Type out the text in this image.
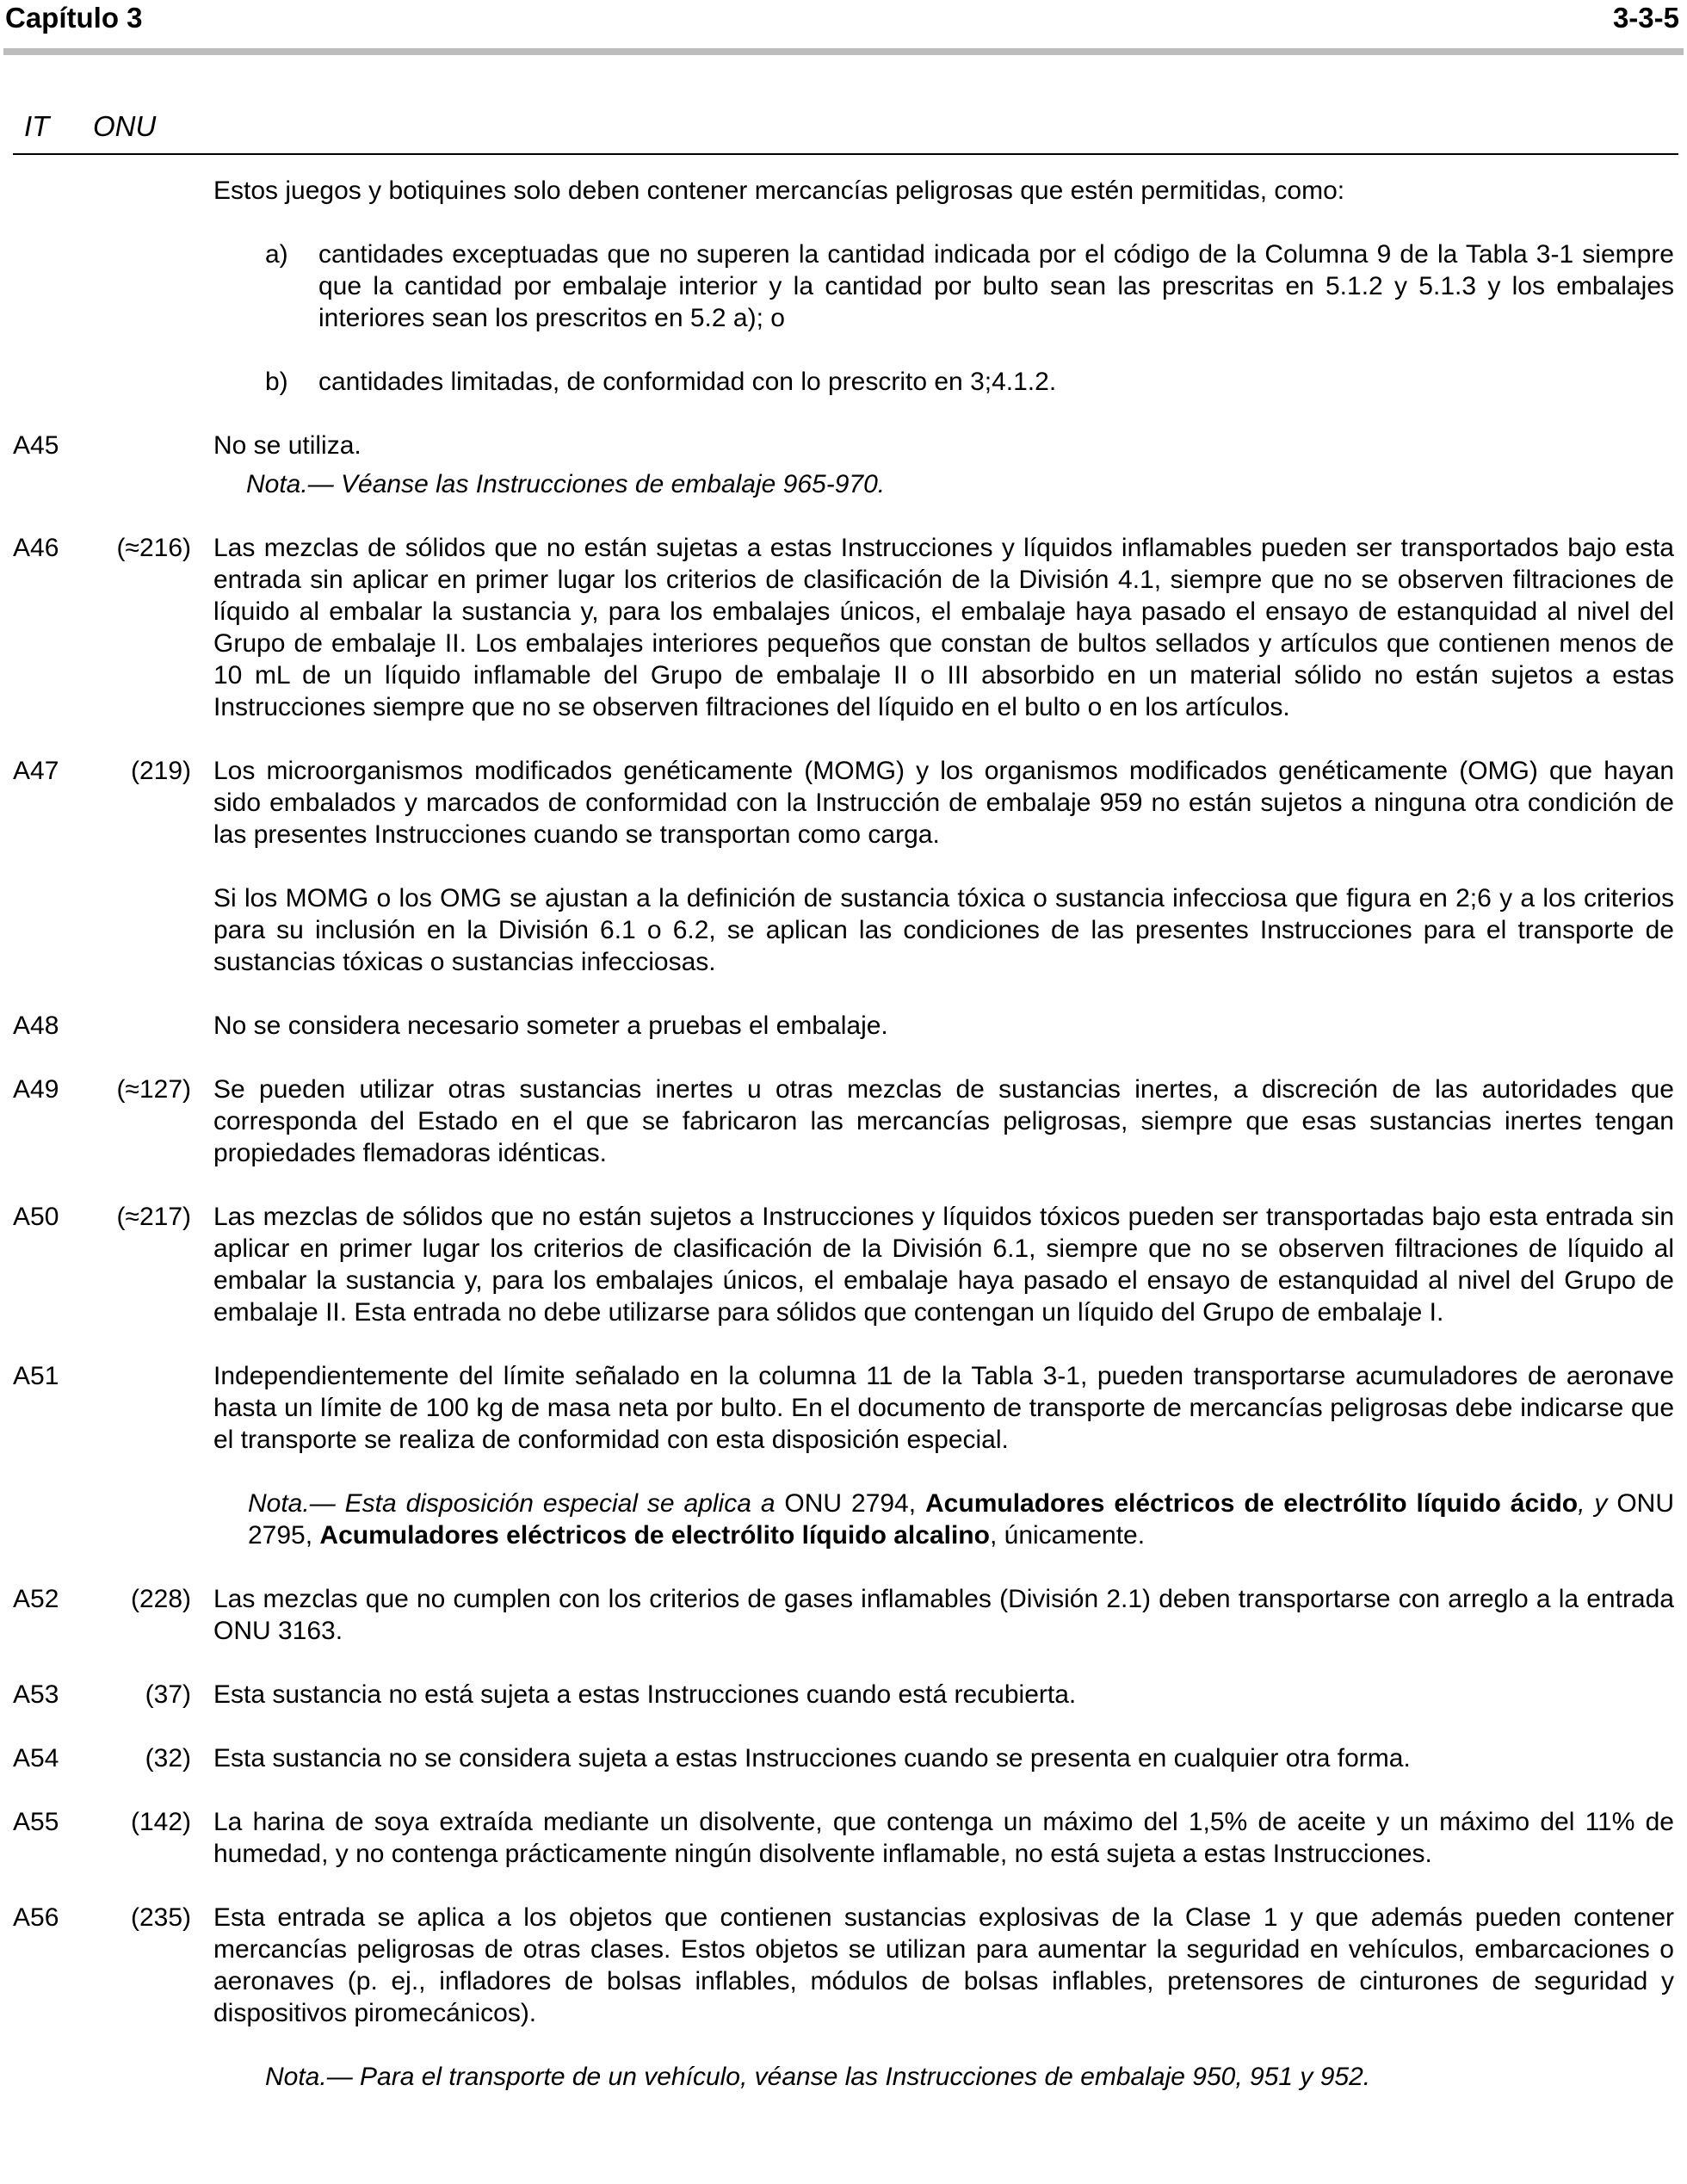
Capítulo 3	3-3-5
IT ONU

Estos juegos y botiquines solo deben contener mercancías peligrosas que estén permitidas, como:

a)	cantidades exceptuadas que no superen la cantidad indicada por el código de la Columna 9 de la Tabla 3-1 siempre que la cantidad por embalaje interior y la cantidad por bulto sean las prescritas en 5.1.2 y 5.1.3 y los embalajes interiores sean los prescritos en 5.2 a); o
b)	cantidades limitadas, de conformidad con lo prescrito en 3;4.1.2.
A45	No se utiliza.

Nota.— Véanse las Instrucciones de embalaje 965-970.
A46	(≈216) Las mezclas de sólidos que no están sujetas a estas Instrucciones y líquidos inflamables pueden ser transportados bajo esta entrada sin aplicar en primer lugar los criterios de clasificación de la División 4.1, siempre que no se observen filtraciones de líquido al embalar la sustancia y, para los embalajes únicos, el embalaje haya pasado el ensayo de estanquidad al nivel del Grupo de embalaje II. Los embalajes interiores pequeños que constan de bultos sellados y artículos que contienen menos de 10 mL de un líquido inflamable del Grupo de embalaje II o III absorbido en un material sólido no están sujetos a estas Instrucciones siempre que no se observen filtraciones del líquido en el bulto o en los artículos.

A47	(219) Los microorganismos modificados genéticamente (MOMG) y los organismos modificados genéticamente (OMG) que hayan sido embalados y marcados de conformidad con la Instrucción de embalaje 959 no están sujetos a ninguna otra condición de las presentes Instrucciones cuando se transportan como carga.

Si los MOMG o los OMG se ajustan a la definición de sustancia tóxica o sustancia infecciosa que figura en 2;6 y a los criterios para su inclusión en la División 6.1 o 6.2, se aplican las condiciones de las presentes Instrucciones para el transporte de sustancias tóxicas o sustancias infecciosas.

A48	No se considera necesario someter a pruebas el embalaje.

A49	(≈127) Se pueden utilizar otras sustancias inertes u otras mezclas de sustancias inertes, a discreción de las autoridades que corresponda del Estado en el que se fabricaron las mercancías peligrosas, siempre que esas sustancias inertes tengan propiedades flemadoras idénticas.

A50	(≈217) Las mezclas de sólidos que no están sujetos a Instrucciones y líquidos tóxicos pueden ser transportadas bajo esta entrada sin aplicar en primer lugar los criterios de clasificación de la División 6.1, siempre que no se observen filtraciones de líquido al embalar la sustancia y, para los embalajes únicos, el embalaje haya pasado el ensayo de estanquidad al nivel del Grupo de embalaje II. Esta entrada no debe utilizarse para sólidos que contengan un líquido del Grupo de embalaje I.

A51	Independientemente del límite señalado en la columna 11 de la Tabla 3-1, pueden transportarse acumuladores de aeronave hasta un límite de 100 kg de masa neta por bulto. En el documento de transporte de mercancías peligrosas debe indicarse que el transporte se realiza de conformidad con esta disposición especial.

Nota.— Esta disposición especial se aplica a ONU 2794, Acumuladores eléctricos de electrólito líquido ácido, y ONU 2795, Acumuladores eléctricos de electrólito líquido alcalino, únicamente.

A52	(228) Las mezclas que no cumplen con los criterios de gases inflamables (División 2.1) deben transportarse con arreglo a la entrada ONU 3163.

A53	(37) Esta sustancia no está sujeta a estas Instrucciones cuando está recubierta.

A54	(32) Esta sustancia no se considera sujeta a estas Instrucciones cuando se presenta en cualquier otra forma.

A55	(142) La harina de soya extraída mediante un disolvente, que contenga un máximo del 1,5% de aceite y un máximo del 11% de humedad, y no contenga prácticamente ningún disolvente inflamable, no está sujeta a estas Instrucciones.

A56	(235) Esta entrada se aplica a los objetos que contienen sustancias explosivas de la Clase 1 y que además pueden contener mercancías peligrosas de otras clases. Estos objetos se utilizan para aumentar la seguridad en vehículos, embarcaciones o aeronaves (p. ej., infladores de bolsas inflables, módulos de bolsas inflables, pretensores de cinturones de seguridad y dispositivos piromecánicos).

Nota.— Para el transporte de un vehículo, véanse las Instrucciones de embalaje 950, 951 y 952.
